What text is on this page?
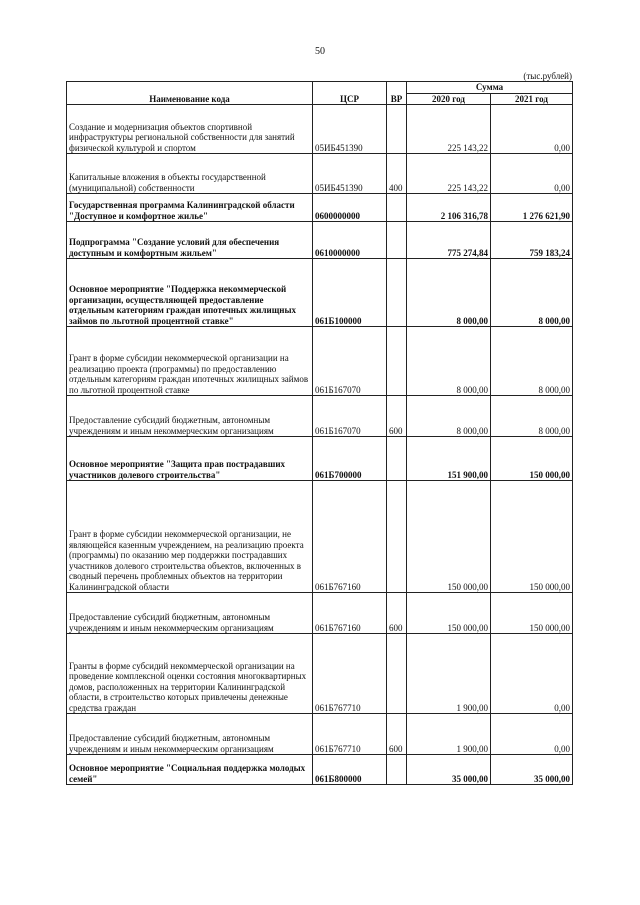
50
(тыс.рублей)
Наименование кода	ЦСР	ВР	Сумма	
			2020 год	2021 год
Создание и модернизация объектов спортивной инфраструктуры региональной собственности для занятий физической культурой и спортом	05ИБ451390		225 143,22	0,00
Капитальные вложения в объекты государственной (муниципальной) собственности	05ИБ451390	400	225 143,22	0,00
Государственная программа Калининградской области "Доступное и комфортное жилье"	0600000000		2 106 316,78	1 276 621,90
Подпрограмма "Создание условий для обеспечения доступным и комфортным жильем"	0610000000		775 274,84	759 183,24
Основное мероприятие "Поддержка некоммерческой организации, осуществляющей предоставление отдельным категориям граждан ипотечных жилищных займов по льготной процентной ставке"	061Б100000		8 000,00	8 000,00
Грант в форме субсидии некоммерческой организации на реализацию проекта (программы) по предоставлению отдельным категориям граждан ипотечных жилищных займов по льготной процентной ставке	061Б167070		8 000,00	8 000,00
Предоставление субсидий бюджетным, автономным учреждениям и иным некоммерческим организациям	061Б167070	600	8 000,00	8 000,00
Основное мероприятие "Защита прав пострадавших участников долевого строительства"	061Б700000		151 900,00	150 000,00
Грант в форме субсидии некоммерческой организации, не являющейся казенным учреждением, на реализацию проекта (программы) по оказанию мер поддержки пострадавших участников долевого строительства объектов, включенных в сводный перечень проблемных объектов на территории Калининградской области	061Б767160		150 000,00	150 000,00
Предоставление субсидий бюджетным, автономным учреждениям и иным некоммерческим организациям	061Б767160	600	150 000,00	150 000,00
Гранты в форме субсидий некоммерческой организации на проведение комплексной оценки состояния многоквартирных домов, расположенных на территории Калининградской области, в строительство которых привлечены денежные средства граждан	061Б767710		1 900,00	0,00
Предоставление субсидий бюджетным, автономным учреждениям и иным некоммерческим организациям	061Б767710	600	1 900,00	0,00
Основное мероприятие "Социальная поддержка молодых семей"	061Б800000		35 000,00	35 000,00
